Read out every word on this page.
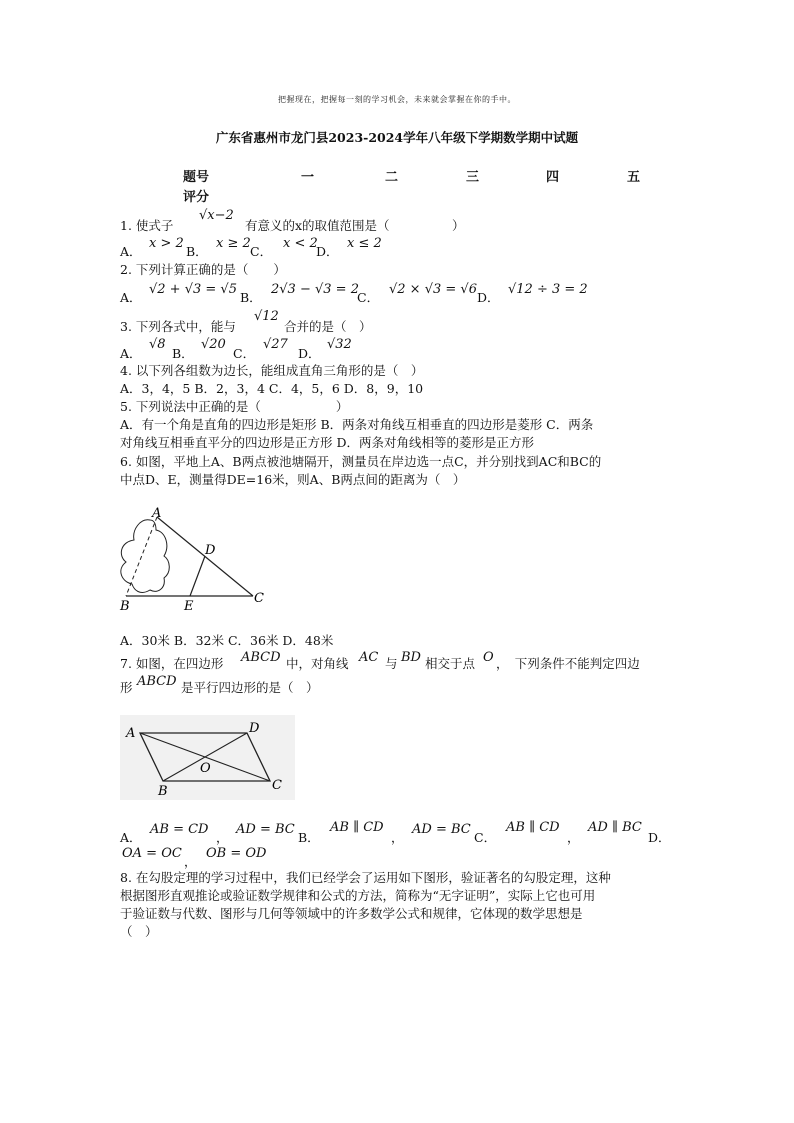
把握现在，把握每一刻的学习机会，未来就会掌握在你的手中。
广东省惠州市龙门县2023-2024学年八年级下学期数学期中试题
题号	一	二	三	四	五
评分
1. 使式子
√x−2
有意义的x的取值范围是（　　　　　）
A．
x > 2
B．
x ≥ 2
C．
x < 2
D．
x ≤ 2
2. 下列计算正确的是（　　）
A．
√2 + √3 = √5
B．
2√3 − √3 = 2
C．
√2 × √3 = √6
D．
√12 ÷ 3 = 2
3. 下列各式中，能与
√12
合并的是（　）
A．
√8
B．
√20
C．
√27
D．
√32
4. 以下列各组数为边长，能组成直角三角形的是（　）
A．3，4，5 B．2，3，4 C．4，5，6 D．8，9，10
5. 下列说法中正确的是（　　　　　　）
A．有一个角是直角的四边形是矩形 B．两条对角线互相垂直的四边形是菱形 C．两条
对角线互相垂直平分的四边形是正方形 D．两条对角线相等的菱形是正方形
6. 如图，平地上A、B两点被池塘隔开，测量员在岸边选一点C，并分别找到AC和BC的
中点D、E，测量得DE=16米，则A、B两点间的距离为（　）
A
B
C
D
E
A．30米 B．32米 C．36米 D．48米
7. 如图，在四边形 ABCD 中，对角线 AC 与 BD 相交于点 O ，　下列条件不能判定四边
形 ABCD 是平行四边形的是（　）
A
B	C
D
O
A．
AB = CD
，
AD = BC
B．
AB ∥ CD
，
AD = BC
C．
AB ∥ CD
，
AD ∥ BC
D．
OA = OC
，
OB = OD
8. 在勾股定理的学习过程中，我们已经学会了运用如下图形，验证著名的勾股定理，这种
根据图形直观推论或验证数学规律和公式的方法，简称为“无字证明”，实际上它也可用
于验证数与代数、图形与几何等领域中的许多数学公式和规律，它体现的数学思想是
（　）
